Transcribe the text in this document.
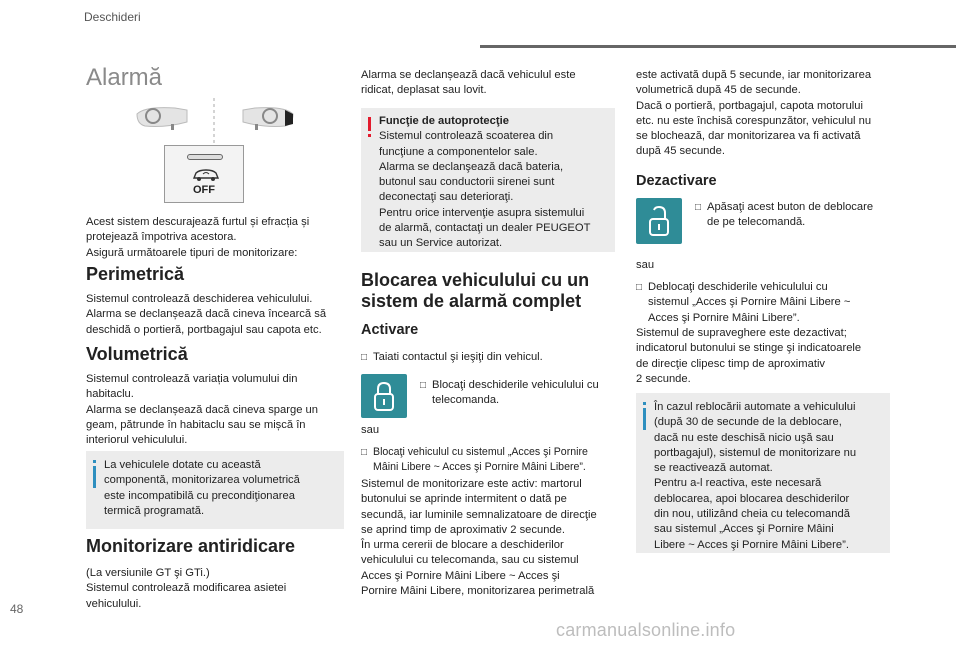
Deschideri
Alarmă
OFF
Acest sistem descurajează furtul și efracția și
protejează împotriva acestora.
Asigură următoarele tipuri de monitorizare:
Perimetrică
Sistemul controlează deschiderea vehiculului.
Alarma se declanșează dacă cineva încearcă să
deschidă o portieră, portbagajul sau capota etc.
Volumetrică
Sistemul controlează variația volumului din
habitaclu.
Alarma se declanșează dacă cineva sparge un
geam, pătrunde în habitaclu sau se mișcă în
interiorul vehiculului.
La vehiculele dotate cu această
componentă, monitorizarea volumetrică
este incompatibilă cu precondiţionarea
termică programată.
Monitorizare antiridicare
(La versiunile GT şi GTi.)
Sistemul controlează modificarea asietei
vehiculului.
Alarma se declanșează dacă vehiculul este
ridicat, deplasat sau lovit.
Funcţie de autoprotecţie
Sistemul controlează scoaterea din
funcţiune a componentelor sale.
Alarma se declanşează dacă bateria,
butonul sau conductorii sirenei sunt
deconectaţi sau deterioraţi.
Pentru orice intervenţie asupra sistemului
de alarmă, contactaţi un dealer PEUGEOT
sau un Service autorizat.
Blocarea vehiculului cu un
sistem de alarmă complet
Activare
□ Taiati contactul şi ieşiţi din vehicul.
□ Blocaţi deschiderile vehiculului cu
telecomanda.
sau
□ Blocaţi vehiculul cu sistemul „Acces şi Pornire
Mâini Libere ~ Acces şi Pornire Mâini Libere”.
Sistemul de monitorizare este activ: martorul
butonului se aprinde intermitent o dată pe
secundă, iar luminile semnalizatoare de direcţie
se aprind timp de aproximativ 2 secunde.
În urma cererii de blocare a deschiderilor
vehiculului cu telecomanda, sau cu sistemul
Acces şi Pornire Mâini Libere ~ Acces şi
Pornire Mâini Libere, monitorizarea perimetrală
este activată după 5 secunde, iar monitorizarea
volumetrică după 45 de secunde.
Dacă o portieră, portbagajul, capota motorului
etc. nu este închisă corespunzător, vehiculul nu
se blochează, dar monitorizarea va fi activată
după 45 secunde.
Dezactivare
□ Apăsaţi acest buton de deblocare
de pe telecomandă.
sau
□ Deblocaţi deschiderile vehiculului cu
sistemul „Acces şi Pornire Mâini Libere ~
Acces şi Pornire Mâini Libere”.
Sistemul de supraveghere este dezactivat;
indicatorul butonului se stinge şi indicatoarele
de direcţie clipesc timp de aproximativ
2 secunde.
În cazul reblocării automate a vehiculului
(după 30 de secunde de la deblocare,
dacă nu este deschisă nicio uşă sau
portbagajul), sistemul de monitorizare nu
se reactivează automat.
Pentru a-l reactiva, este necesară
deblocarea, apoi blocarea deschiderilor
din nou, utilizând cheia cu telecomandă
sau sistemul „Acces şi Pornire Mâini
Libere ~ Acces şi Pornire Mâini Libere”.
48
carmanualsonline.info
